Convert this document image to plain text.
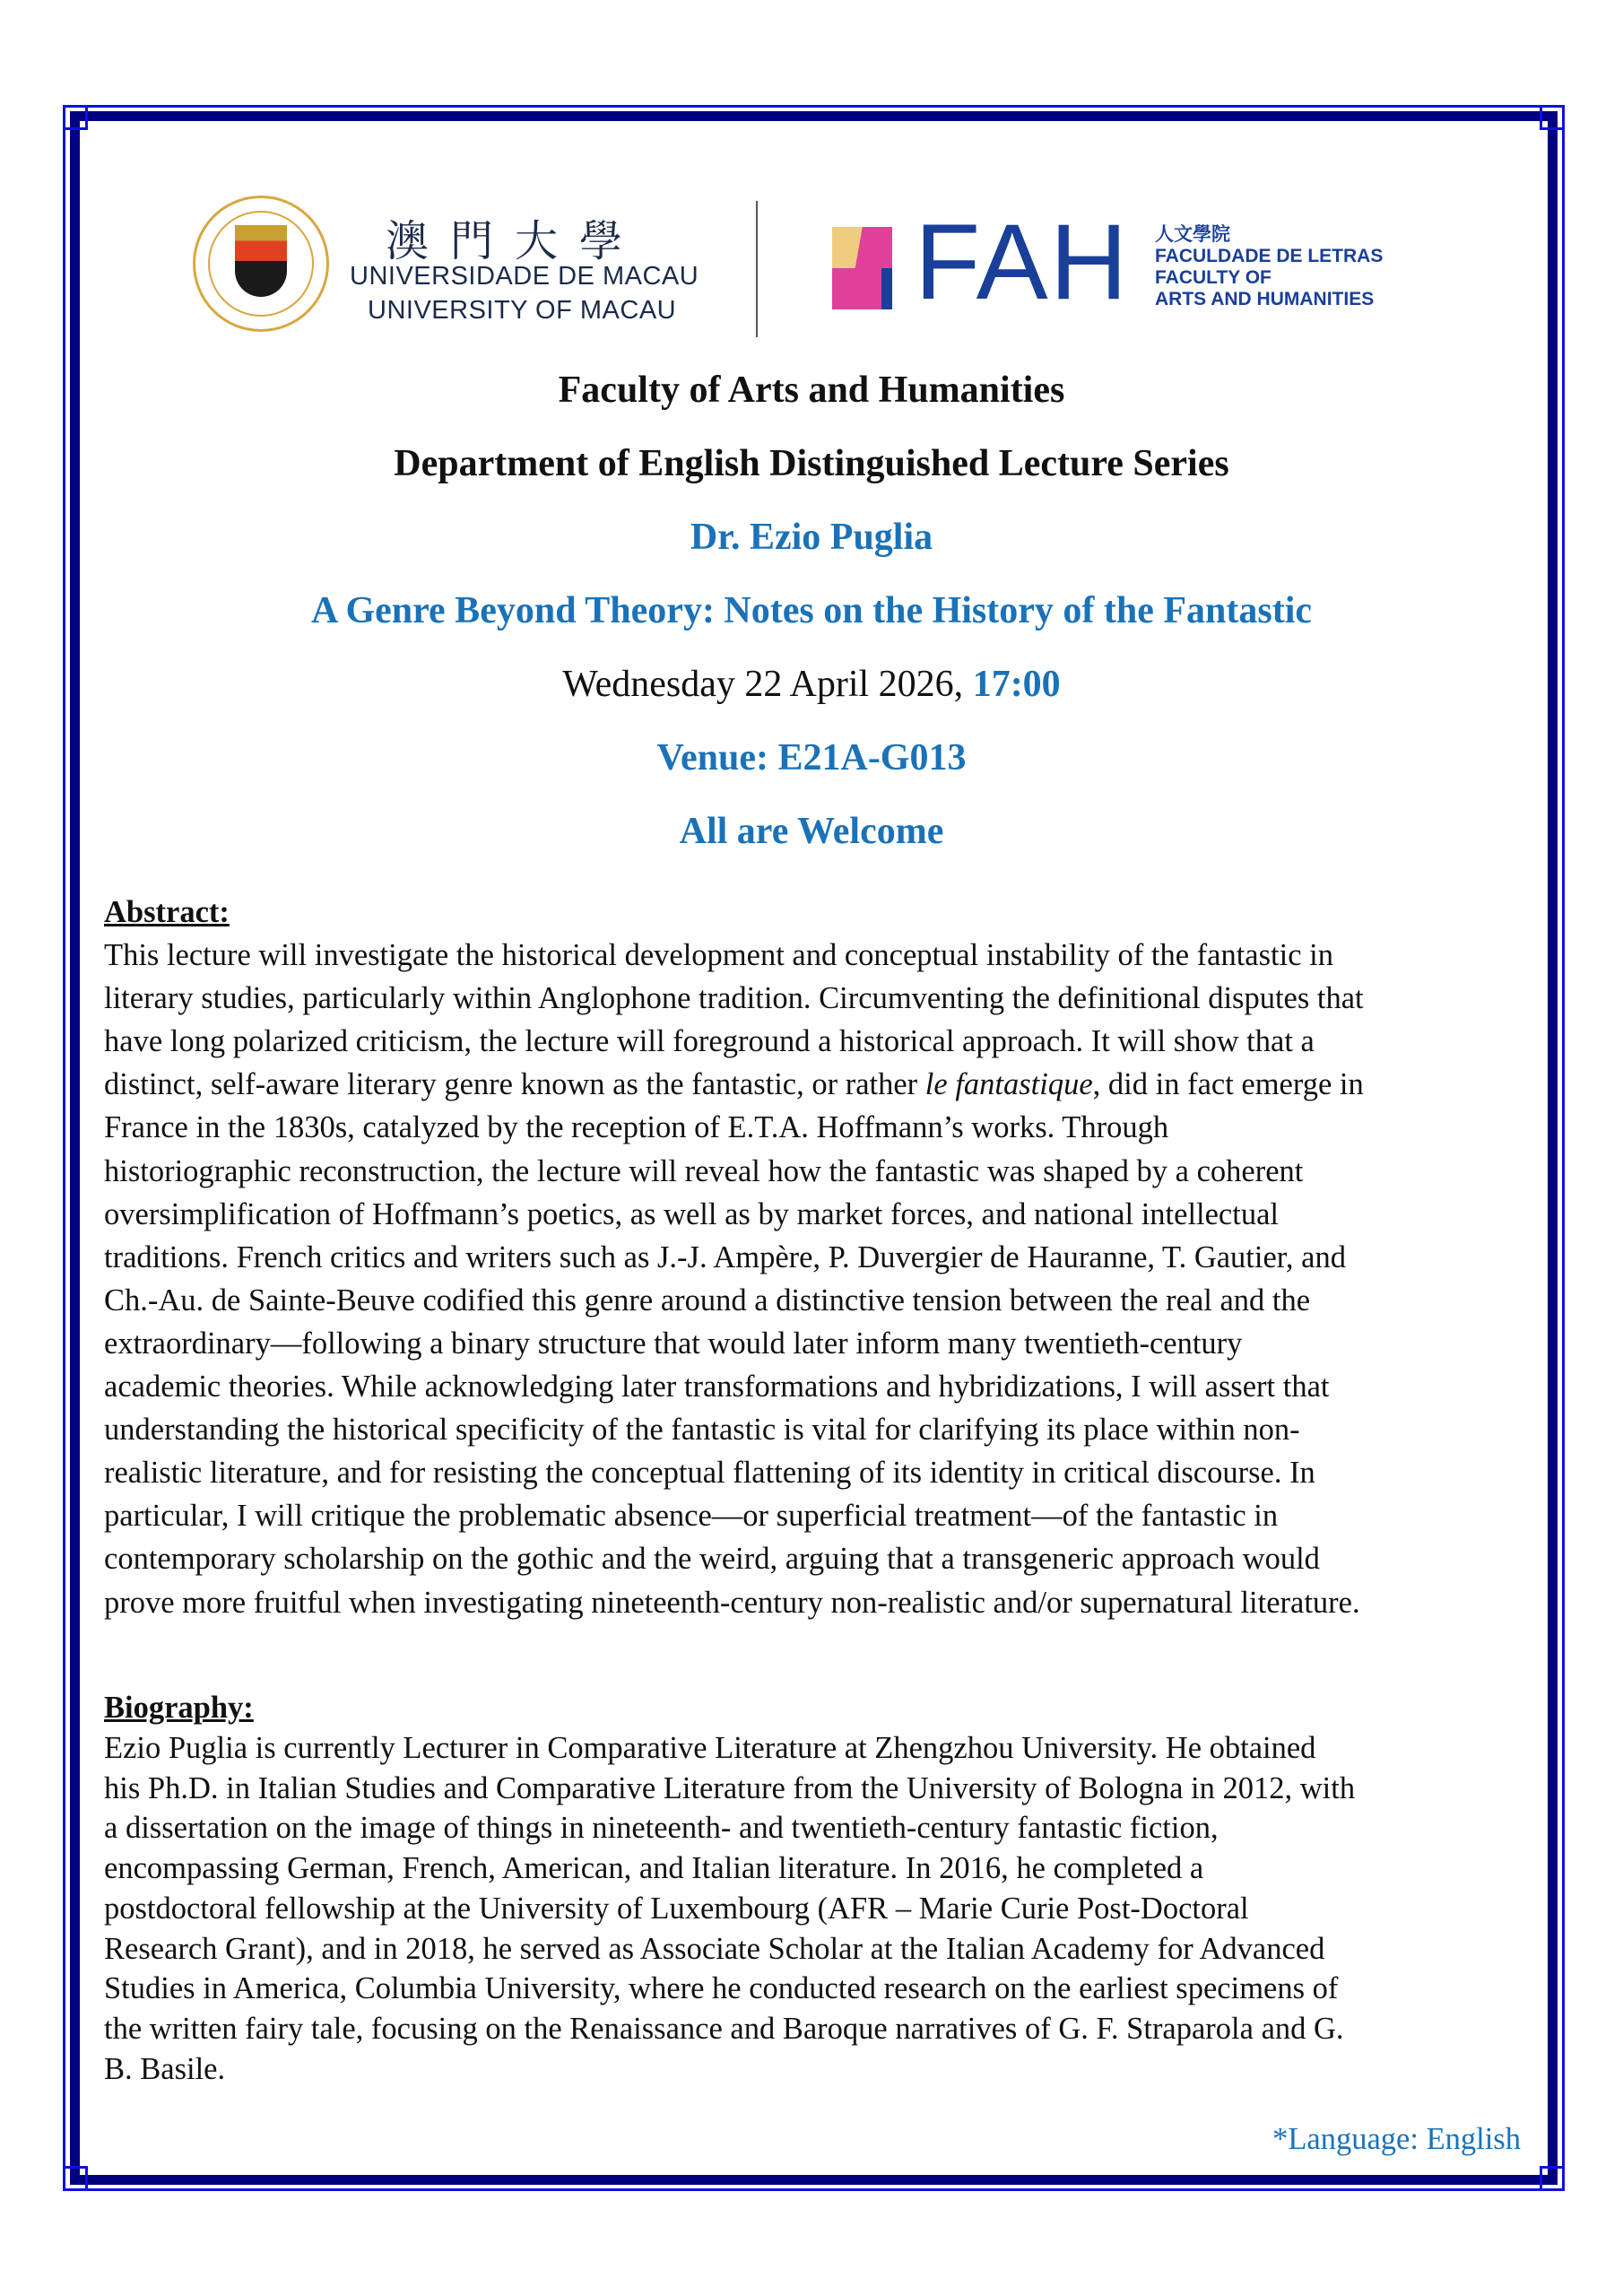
澳門大學
UNIVERSIDADE DE MACAU
UNIVERSITY OF MACAU FAH 人文學院
FACULDADE DE LETRAS
FACULTY OF
ARTS AND HUMANITIES
Faculty of Arts and Humanities
Department of English Distinguished Lecture Series
Dr. Ezio Puglia
A Genre Beyond Theory: Notes on the History of the Fantastic
Wednesday 22 April 2026, 17:00
Venue: E21A-G013
All are Welcome
Abstract:
This lecture will investigate the historical development and conceptual instability of the fantastic in
literary studies, particularly within Anglophone tradition. Circumventing the definitional disputes that
have long polarized criticism, the lecture will foreground a historical approach. It will show that a
distinct, self-aware literary genre known as the fantastic, or rather le fantastique, did in fact emerge in
France in the 1830s, catalyzed by the reception of E.T.A. Hoffmann’s works. Through
historiographic reconstruction, the lecture will reveal how the fantastic was shaped by a coherent
oversimplification of Hoffmann’s poetics, as well as by market forces, and national intellectual
traditions. French critics and writers such as J.-J. Ampère, P. Duvergier de Hauranne, T. Gautier, and
Ch.-Au. de Sainte-Beuve codified this genre around a distinctive tension between the real and the
extraordinary—following a binary structure that would later inform many twentieth-century
academic theories. While acknowledging later transformations and hybridizations, I will assert that
understanding the historical specificity of the fantastic is vital for clarifying its place within non-
realistic literature, and for resisting the conceptual flattening of its identity in critical discourse. In
particular, I will critique the problematic absence—or superficial treatment—of the fantastic in
contemporary scholarship on the gothic and the weird, arguing that a transgeneric approach would
prove more fruitful when investigating nineteenth-century non-realistic and/or supernatural literature.
Biography:
Ezio Puglia is currently Lecturer in Comparative Literature at Zhengzhou University. He obtained
his Ph.D. in Italian Studies and Comparative Literature from the University of Bologna in 2012, with
a dissertation on the image of things in nineteenth- and twentieth-century fantastic fiction,
encompassing German, French, American, and Italian literature. In 2016, he completed a
postdoctoral fellowship at the University of Luxembourg (AFR – Marie Curie Post-Doctoral
Research Grant), and in 2018, he served as Associate Scholar at the Italian Academy for Advanced
Studies in America, Columbia University, where he conducted research on the earliest specimens of
the written fairy tale, focusing on the Renaissance and Baroque narratives of G. F. Straparola and G.
B. Basile.
*Language: English
